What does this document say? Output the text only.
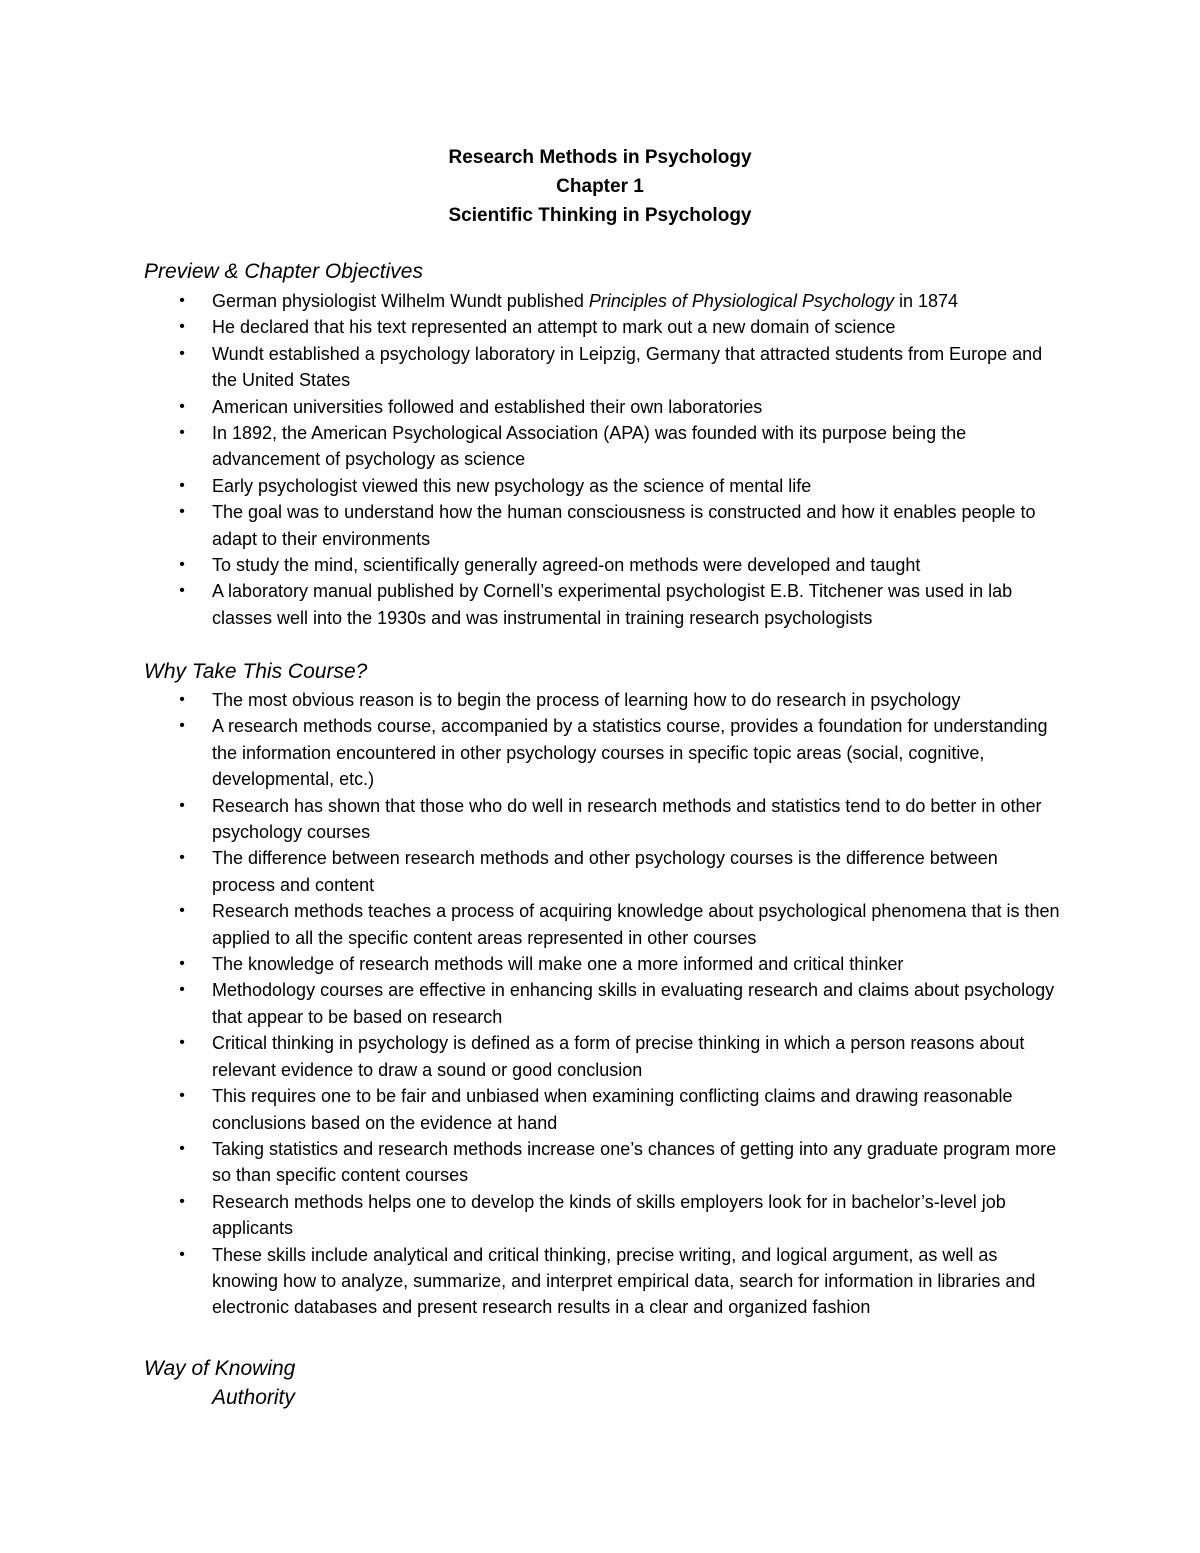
Research Methods in Psychology
Chapter 1
Scientific Thinking in Psychology
Preview & Chapter Objectives
• German physiologist Wilhelm Wundt published Principles of Physiological Psychology in 1874
• He declared that his text represented an attempt to mark out a new domain of science
• Wundt established a psychology laboratory in Leipzig, Germany that attracted students from Europe and the United States
• American universities followed and established their own laboratories
• In 1892, the American Psychological Association (APA) was founded with its purpose being the advancement of psychology as science
• Early psychologist viewed this new psychology as the science of mental life
• The goal was to understand how the human consciousness is constructed and how it enables people to adapt to their environments
• To study the mind, scientifically generally agreed-on methods were developed and taught
• A laboratory manual published by Cornell’s experimental psychologist E.B. Titchener was used in lab classes well into the 1930s and was instrumental in training research psychologists
Why Take This Course?
• The most obvious reason is to begin the process of learning how to do research in psychology
• A research methods course, accompanied by a statistics course, provides a foundation for understanding the information encountered in other psychology courses in specific topic areas (social, cognitive, developmental, etc.)
• Research has shown that those who do well in research methods and statistics tend to do better in other psychology courses
• The difference between research methods and other psychology courses is the difference between process and content
• Research methods teaches a process of acquiring knowledge about psychological phenomena that is then applied to all the specific content areas represented in other courses
• The knowledge of research methods will make one a more informed and critical thinker
• Methodology courses are effective in enhancing skills in evaluating research and claims about psychology that appear to be based on research
• Critical thinking in psychology is defined as a form of precise thinking in which a person reasons about relevant evidence to draw a sound or good conclusion
• This requires one to be fair and unbiased when examining conflicting claims and drawing reasonable conclusions based on the evidence at hand
• Taking statistics and research methods increase one’s chances of getting into any graduate program more so than specific content courses
• Research methods helps one to develop the kinds of skills employers look for in bachelor’s-level job applicants
• These skills include analytical and critical thinking, precise writing, and logical argument, as well as knowing how to analyze, summarize, and interpret empirical data, search for information in libraries and electronic databases and present research results in a clear and organized fashion
Way of Knowing
Authority
